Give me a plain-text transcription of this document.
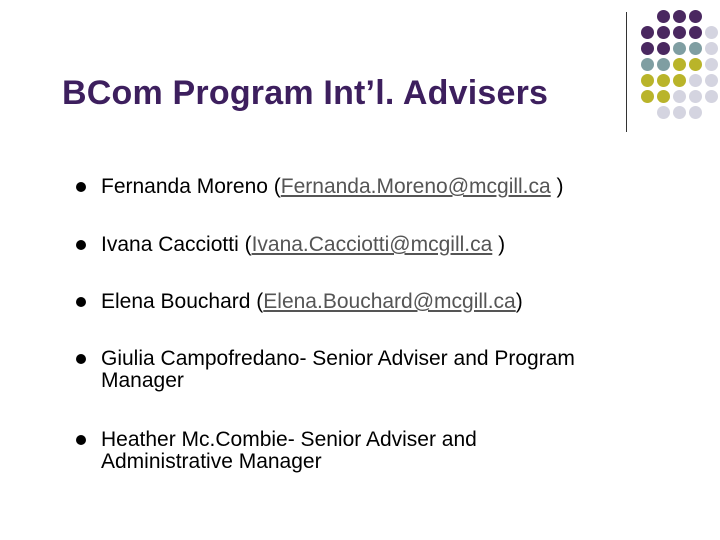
BCom Program Int’l. Advisers
Fernanda Moreno (Fernanda.Moreno@mcgill.ca )
Ivana Cacciotti (Ivana.Cacciotti@mcgill.ca )
Elena Bouchard (Elena.Bouchard@mcgill.ca)
Giulia Campofredano- Senior Adviser and Program
Manager
Heather Mc.Combie- Senior Adviser and
Administrative Manager
